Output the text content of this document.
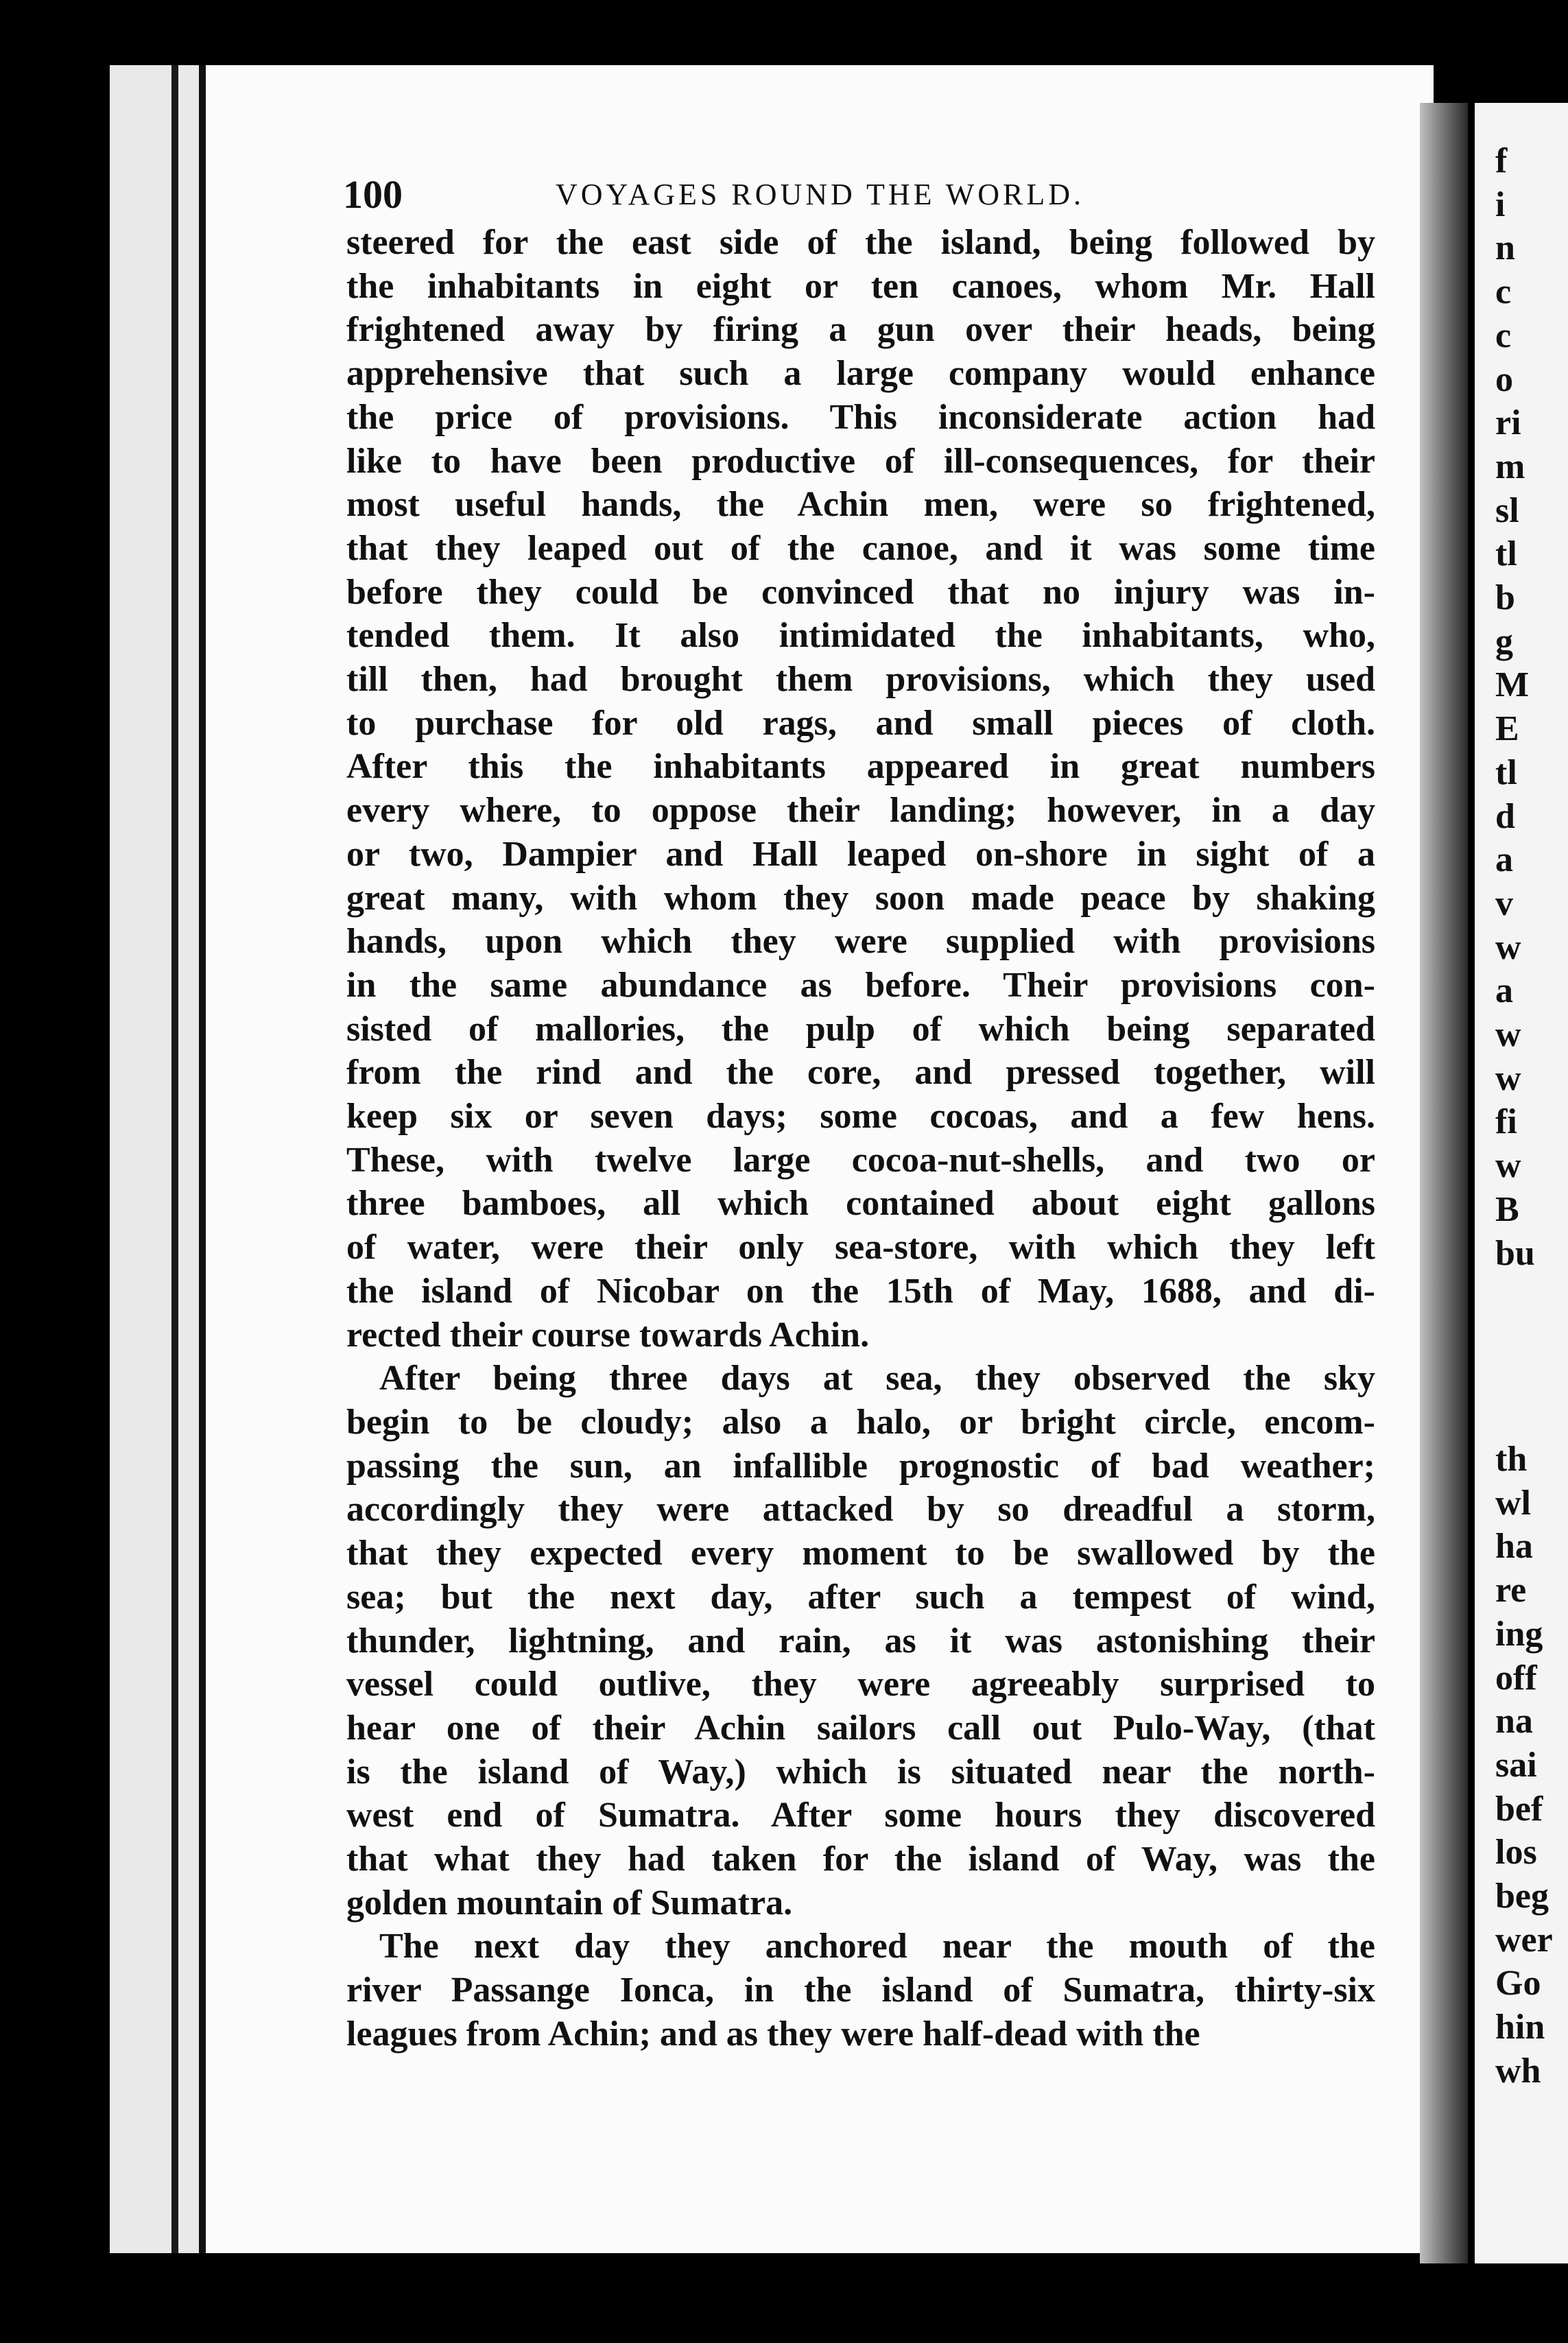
f
i
n
c
c
o
ri
m
sl
tl
b
g
M
E
tl
d
a
v
w
a
w
w
fi
w
B
bu
th
wl
ha
re
ing
off
na
sai
bef
los
beg
wer
Go
hin
wh
100	VOYAGES ROUND THE WORLD.
steered for the east side of the island, being followed by
the inhabitants in eight or ten canoes, whom Mr. Hall
frightened away by firing a gun over their heads, being
apprehensive that such a large company would enhance
the price of provisions. This inconsiderate action had
like to have been productive of ill-consequences, for their
most useful hands, the Achin men, were so frightened,
that they leaped out of the canoe, and it was some time
before they could be convinced that no injury was in-
tended them. It also intimidated the inhabitants, who,
till then, had brought them provisions, which they used
to purchase for old rags, and small pieces of cloth.
After this the inhabitants appeared in great numbers
every where, to oppose their landing; however, in a day
or two, Dampier and Hall leaped on-shore in sight of a
great many, with whom they soon made peace by shaking
hands, upon which they were supplied with provisions
in the same abundance as before. Their provisions con-
sisted of mallories, the pulp of which being separated
from the rind and the core, and pressed together, will
keep six or seven days; some cocoas, and a few hens.
These, with twelve large cocoa-nut-shells, and two or
three bamboes, all which contained about eight gallons
of water, were their only sea-store, with which they left
the island of Nicobar on the 15th of May, 1688, and di-
rected their course towards Achin.
After being three days at sea, they observed the sky
begin to be cloudy; also a halo, or bright circle, encom-
passing the sun, an infallible prognostic of bad weather;
accordingly they were attacked by so dreadful a storm,
that they expected every moment to be swallowed by the
sea; but the next day, after such a tempest of wind,
thunder, lightning, and rain, as it was astonishing their
vessel could outlive, they were agreeably surprised to
hear one of their Achin sailors call out Pulo-Way, (that
is the island of Way,) which is situated near the north-
west end of Sumatra. After some hours they discovered
that what they had taken for the island of Way, was the
golden mountain of Sumatra.
The next day they anchored near the mouth of the
river Passange Ionca, in the island of Sumatra, thirty-six
leagues from Achin; and as they were half-dead with the
